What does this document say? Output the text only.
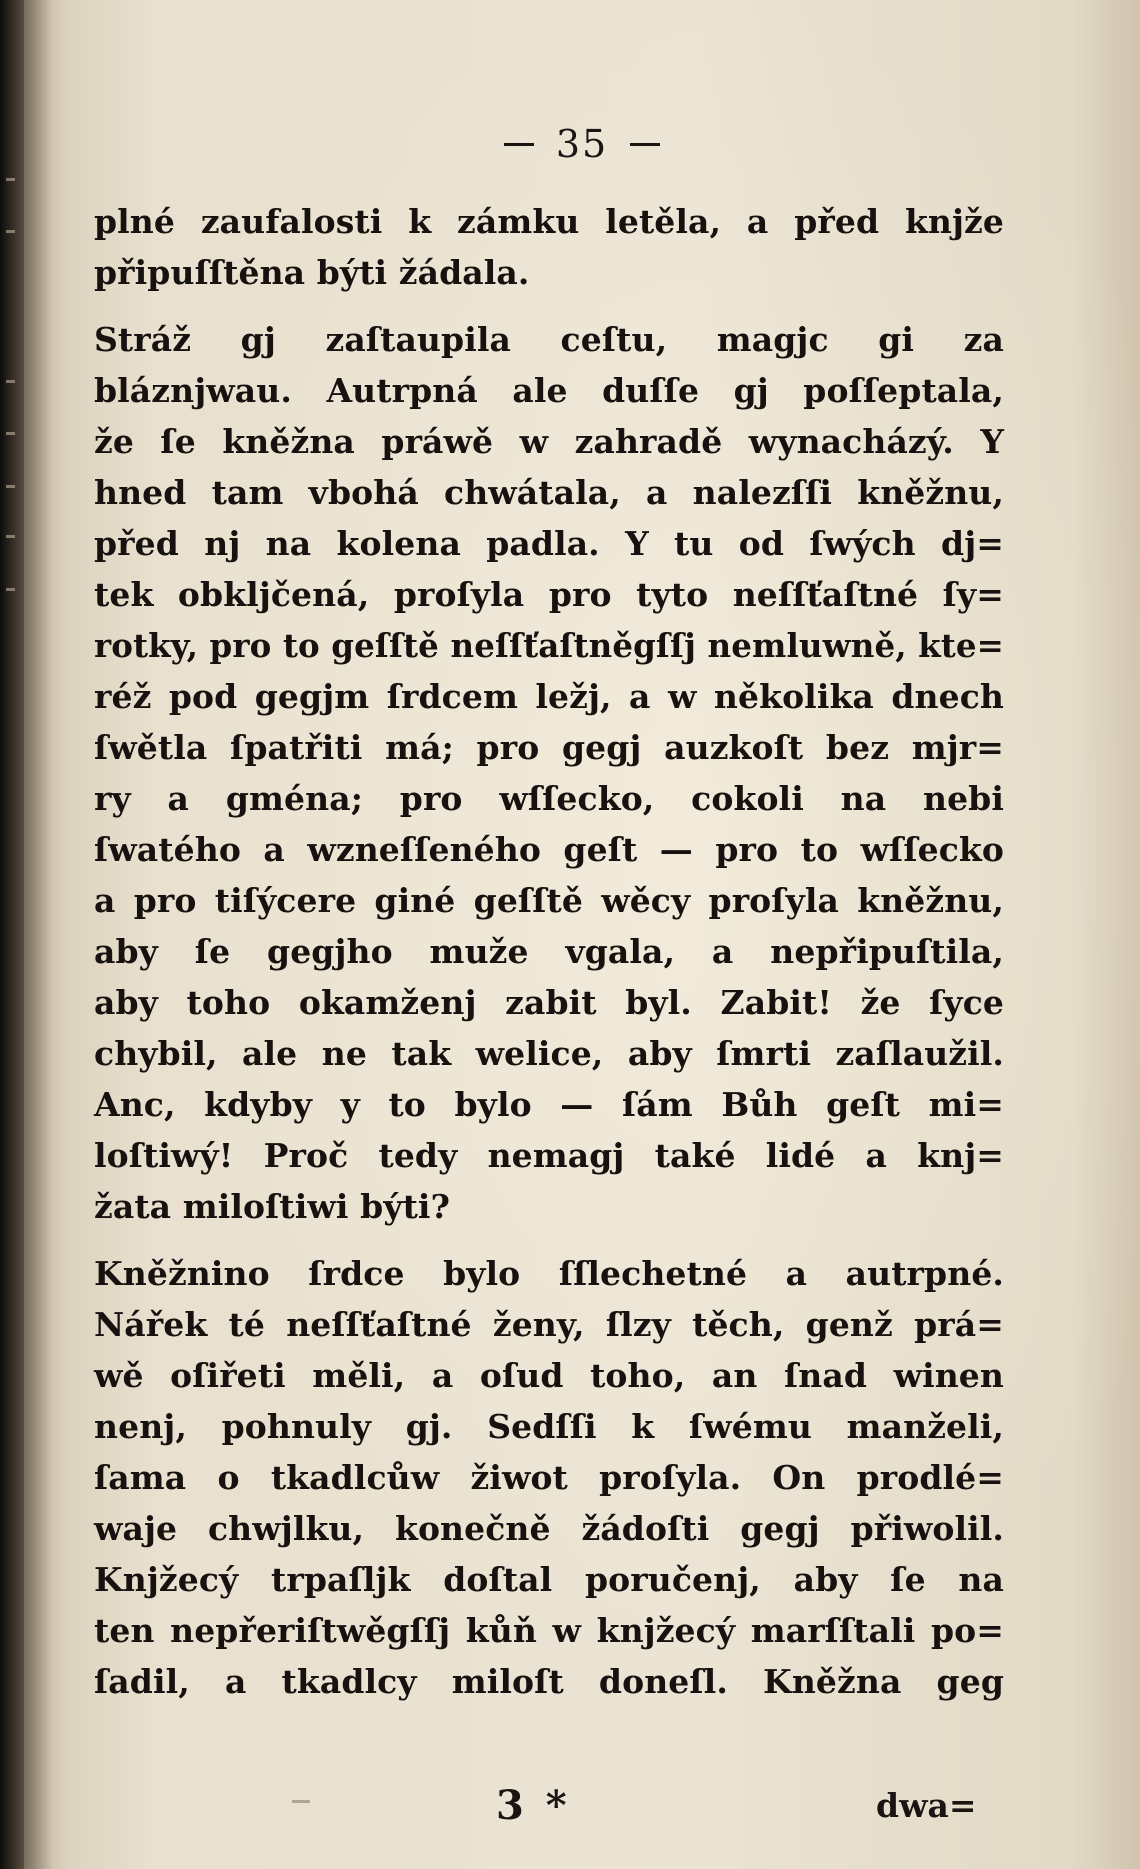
35
plné zaufalosti k zámku letěla, a před knjže
připuſſtěna býti žádala.
Stráž gj zaſtaupila ceſtu, magjc gi za
bláznjwau. Autrpná ale duſſe gj poſſeptala,
že ſe kněžna práwě w zahradě wynacházý. Y
hned tam vbohá chwátala, a nalezſſi kněžnu,
před nj na kolena padla. Y tu od ſwých dj=
tek obkljčená, proſyla pro tyto neſſťaſtné ſy=
rotky, pro to geſſtě neſſťaſtněgſſj nemluwně, kte=
réž pod gegjm ſrdcem ležj, a w několika dnech
ſwětla ſpatřiti má; pro gegj auzkoſt bez mjr=
ry a gména; pro wſſecko, cokoli na nebi
ſwatého a wzneſſeného geſt — pro to wſſecko
a pro tiſýcere giné geſſtě wěcy proſyla kněžnu,
aby ſe gegjho muže vgala, a nepřipuſtila,
aby toho okamženj zabit byl. Zabit! že ſyce
chybil, ale ne tak welice, aby ſmrti zaſlaužil.
Anc, kdyby y to bylo — ſám Bůh geſt mi=
loſtiwý! Proč tedy nemagj také lidé a knj=
žata miloſtiwi býti?
Kněžnino ſrdce bylo ſſlechetné a autrpné.
Nářek té neſſťaſtné ženy, ſlzy těch, genž prá=
wě oſiřeti měli, a oſud toho, an ſnad winen
nenj, pohnuly gj. Sedſſi k ſwému manželi,
ſama o tkadlcůw žiwot proſyla. On prodlé=
waje chwjlku, konečně žádoſti gegj přiwolil.
Knjžecý trpaſljk doſtal poručenj, aby ſe na
ten nepřeriſtwěgſſj kůň w knjžecý marſſtali po=
ſadil, a tkadlcy miloſt doneſl. Kněžna geg
3 *	dwa=
